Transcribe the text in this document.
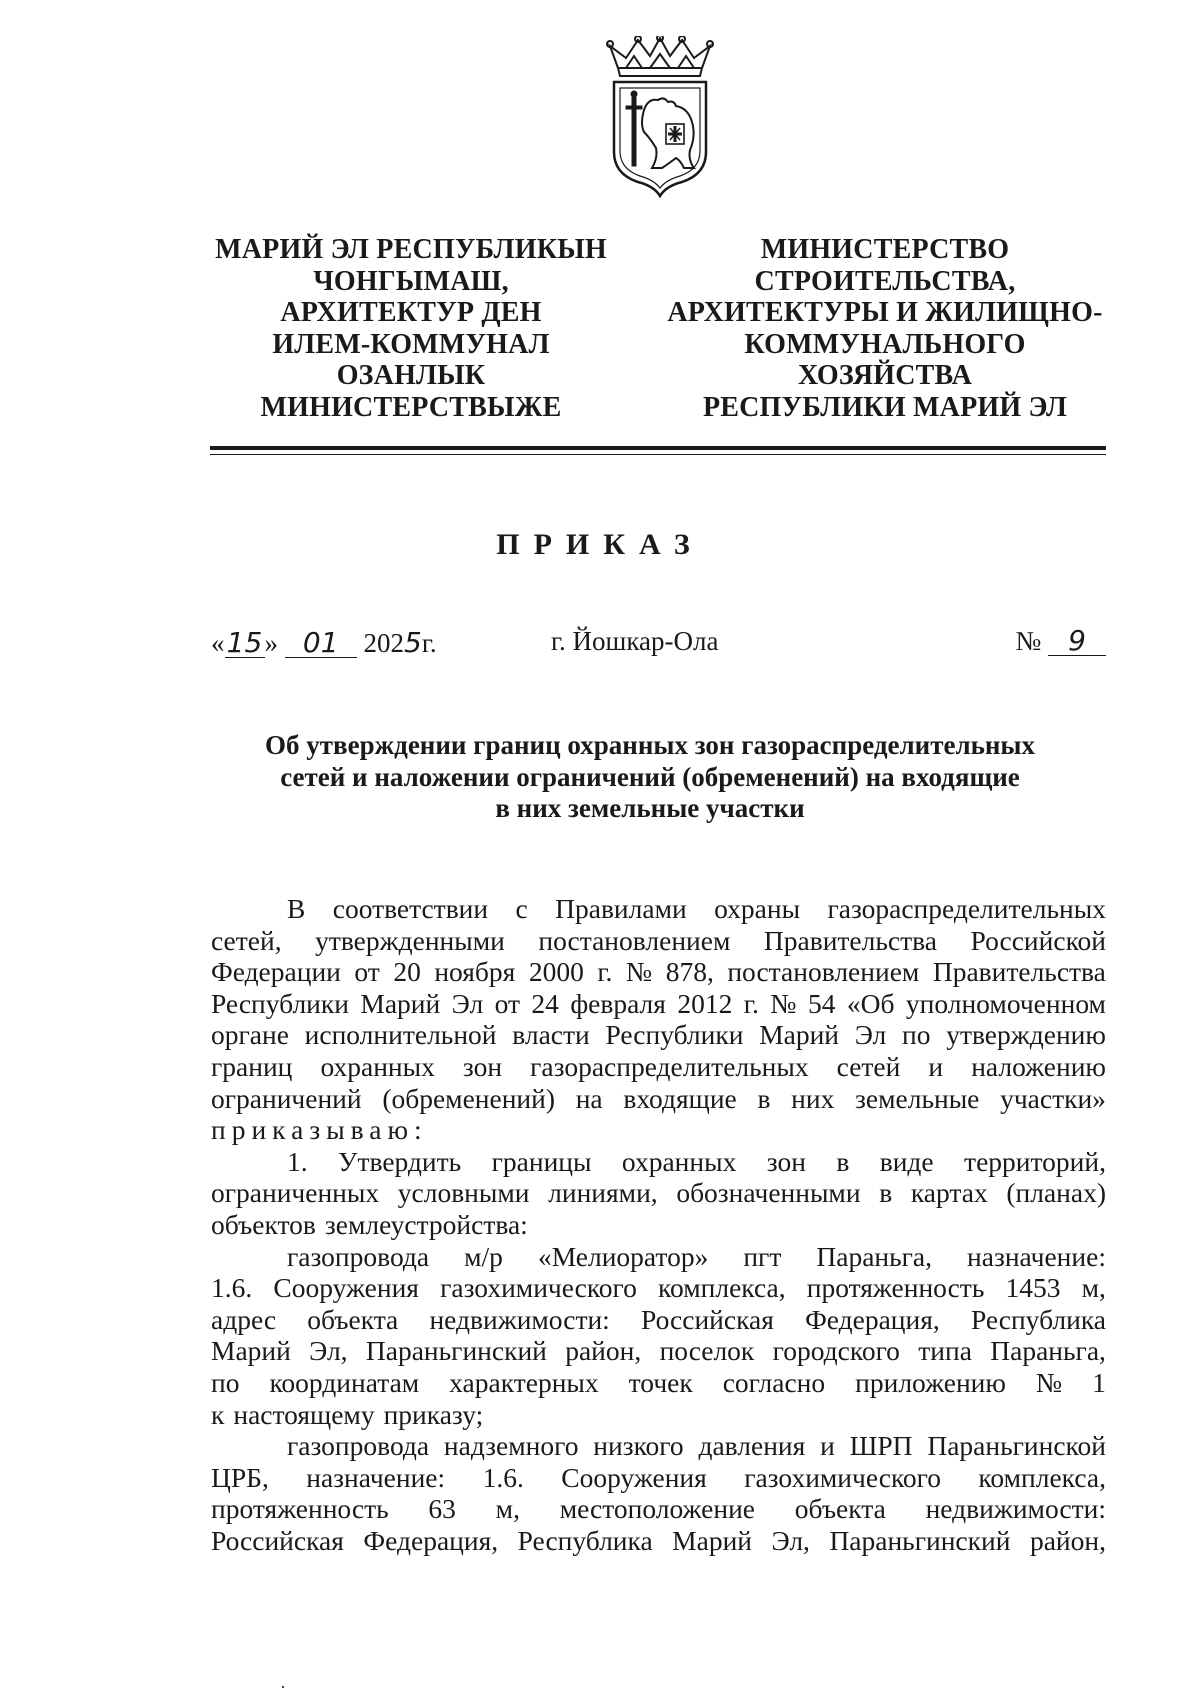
МАРИЙ ЭЛ РЕСПУБЛИКЫН
ЧОНГЫМАШ,
АРХИТЕКТУР ДЕН
ИЛЕМ-КОММУНАЛ
ОЗАНЛЫК
МИНИСТЕРСТВЫЖЕ
МИНИСТЕРСТВО
СТРОИТЕЛЬСТВА,
АРХИТЕКТУРЫ И ЖИЛИЩНО-
КОММУНАЛЬНОГО
ХОЗЯЙСТВА
РЕСПУБЛИКИ МАРИЙ ЭЛ
ПРИКАЗ
«15» 01 2025г.	г. Йошкар-Ола	№ 9
Об утверждении границ охранных зон газораспределительных
сетей и наложении ограничений (обременений) на входящие
в них земельные участки
В соответствии с Правилами охраны газораспределительных
сетей, утвержденными постановлением Правительства Российской
Федерации от 20 ноября 2000 г. № 878, постановлением Правительства
Республики Марий Эл от 24 февраля 2012 г. № 54 «Об уполномоченном
органе исполнительной власти Республики Марий Эл по утверждению
границ охранных зон газораспределительных сетей и наложению
ограничений (обременений) на входящие в них земельные участки»
приказываю:
1. Утвердить границы охранных зон в виде территорий,
ограниченных условными линиями, обозначенными в картах (планах)
объектов землеустройства:
газопровода м/р «Мелиоратор» пгт Параньга, назначение:
1.6. Сооружения газохимического комплекса, протяженность 1453 м,
адрес объекта недвижимости: Российская Федерация, Республика
Марий Эл, Параньгинский район, поселок городского типа Параньга,
по координатам характерных точек согласно приложению № 1
к настоящему приказу;
газопровода надземного низкого давления и ШРП Параньгинской
ЦРБ, назначение: 1.6. Сооружения газохимического комплекса,
протяженность 63 м, местоположение объекта недвижимости:
Российская Федерация, Республика Марий Эл, Параньгинский район,
